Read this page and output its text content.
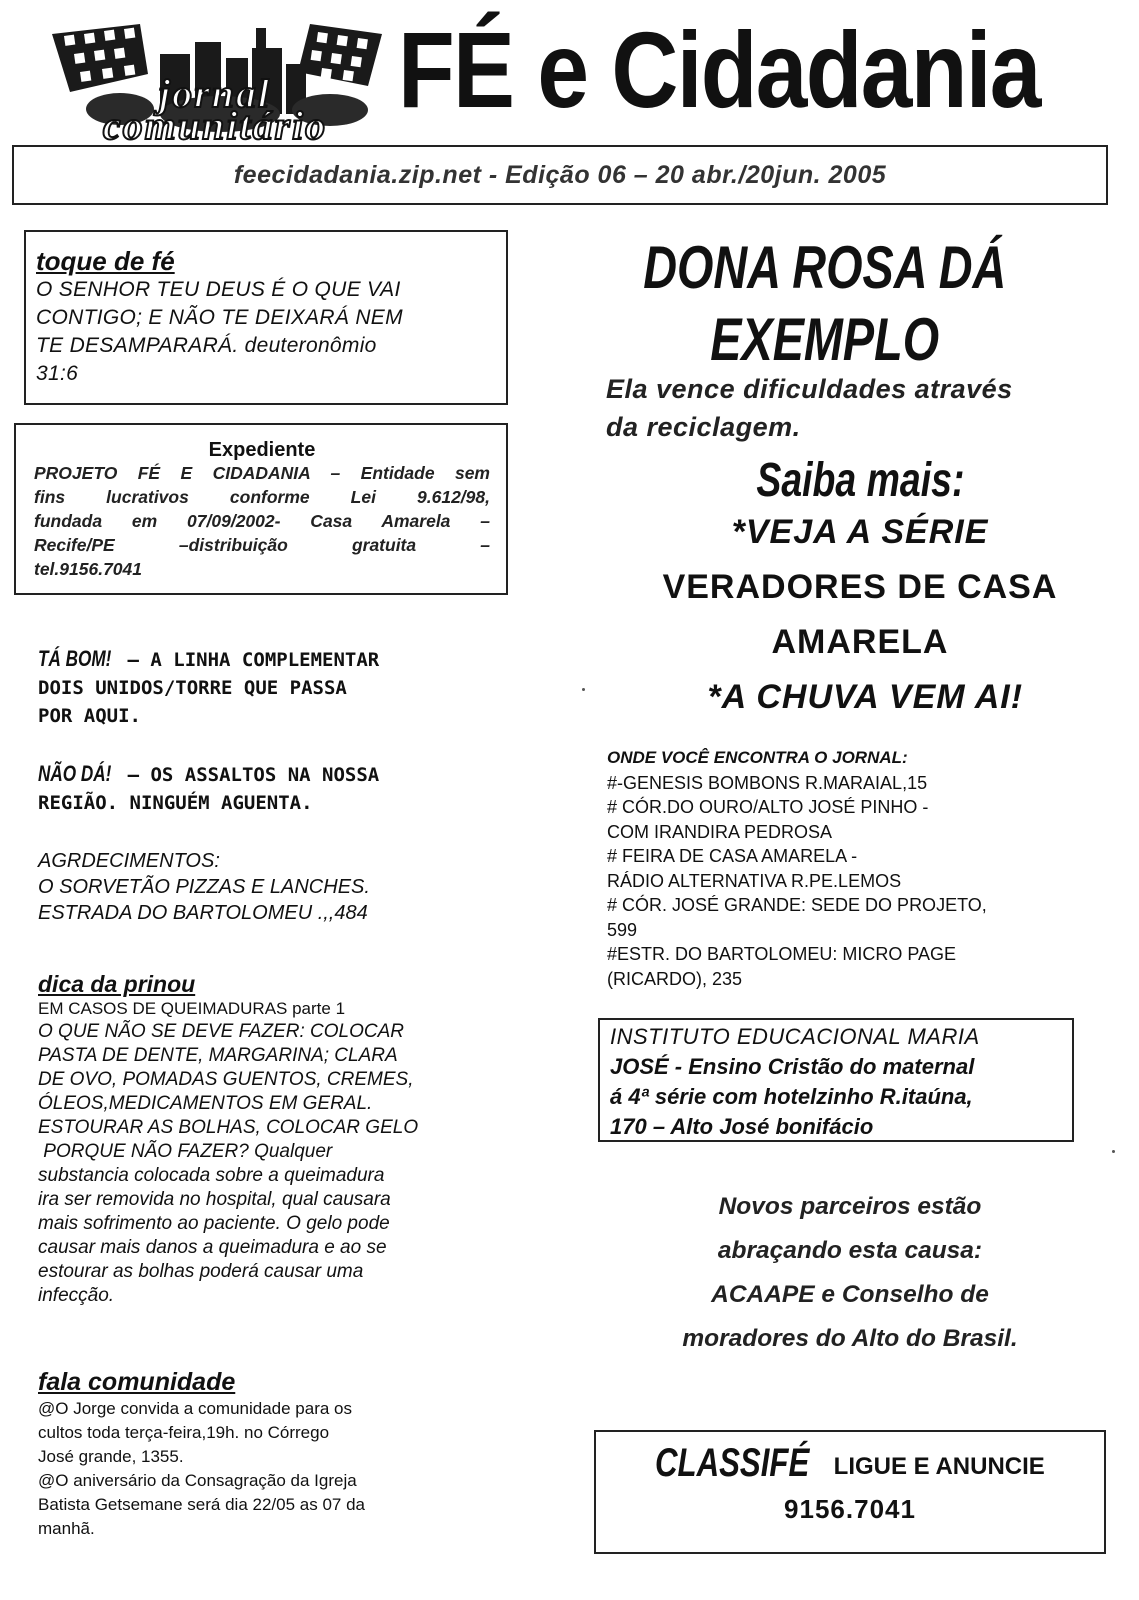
jornal
comunitário FÉ e Cidadania
feecidadania.zip.net - Edição 06 – 20 abr./20jun. 2005
toque de fé
O SENHOR TEU DEUS É O QUE VAI
CONTIGO; E NÃO TE DEIXARÁ NEM
TE DESAMPARARÁ. deuteronômio
31:6
Expediente
PROJETO FÉ E CIDADANIA – Entidade sem
fins lucrativos conforme Lei 9.612/98,
fundada em 07/09/2002- Casa Amarela –
Recife/PE –distribuição gratuita –
tel.9156.7041
TÁ BOM! – A LINHA COMPLEMENTAR
DOIS UNIDOS/TORRE QUE PASSA
POR AQUI.
NÃO DÁ! – OS ASSALTOS NA NOSSA
REGIÃO. NINGUÉM AGUENTA.
AGRDECIMENTOS:
O SORVETÃO PIZZAS E LANCHES.
ESTRADA DO BARTOLOMEU .,,484
dica da prinou
EM CASOS DE QUEIMADURAS parte 1
O QUE NÃO SE DEVE FAZER: COLOCAR
PASTA DE DENTE, MARGARINA; CLARA
DE OVO, POMADAS GUENTOS, CREMES,
ÓLEOS,MEDICAMENTOS EM GERAL.
ESTOURAR AS BOLHAS, COLOCAR GELO
PORQUE NÃO FAZER? Qualquer
substancia colocada sobre a queimadura
ira ser removida no hospital, qual causara
mais sofrimento ao paciente. O gelo pode
causar mais danos a queimadura e ao se
estourar as bolhas poderá causar uma
infecção.
fala comunidade
@O Jorge convida a comunidade para os
cultos toda terça-feira,19h. no Córrego
José grande, 1355.
@O aniversário da Consagração da Igreja
Batista Getsemane será dia 22/05 as 07 da
manhã.
DONA ROSA DÁ
EXEMPLO
Ela vence dificuldades através
da reciclagem.
Saiba mais:
*VEJA A SÉRIE
VERADORES DE CASA
AMARELA
*A CHUVA VEM AI!
ONDE VOCÊ ENCONTRA O JORNAL:
#-GENESIS BOMBONS R.MARAIAL,15
# CÓR.DO OURO/ALTO JOSÉ PINHO -
COM IRANDIRA PEDROSA
# FEIRA DE CASA AMARELA -
RÁDIO ALTERNATIVA R.PE.LEMOS
# CÓR. JOSÉ GRANDE: SEDE DO PROJETO,
599
#ESTR. DO BARTOLOMEU: MICRO PAGE
(RICARDO), 235
INSTITUTO EDUCACIONAL MARIA
JOSÉ - Ensino Cristão do maternal
á 4ª série com hotelzinho R.itaúna,
170 – Alto José bonifácio
Novos parceiros estão
abraçando esta causa:
ACAAPE e Conselho de
moradores do Alto do Brasil.
CLASSIFÉ LIGUE E ANUNCIE
9156.7041
